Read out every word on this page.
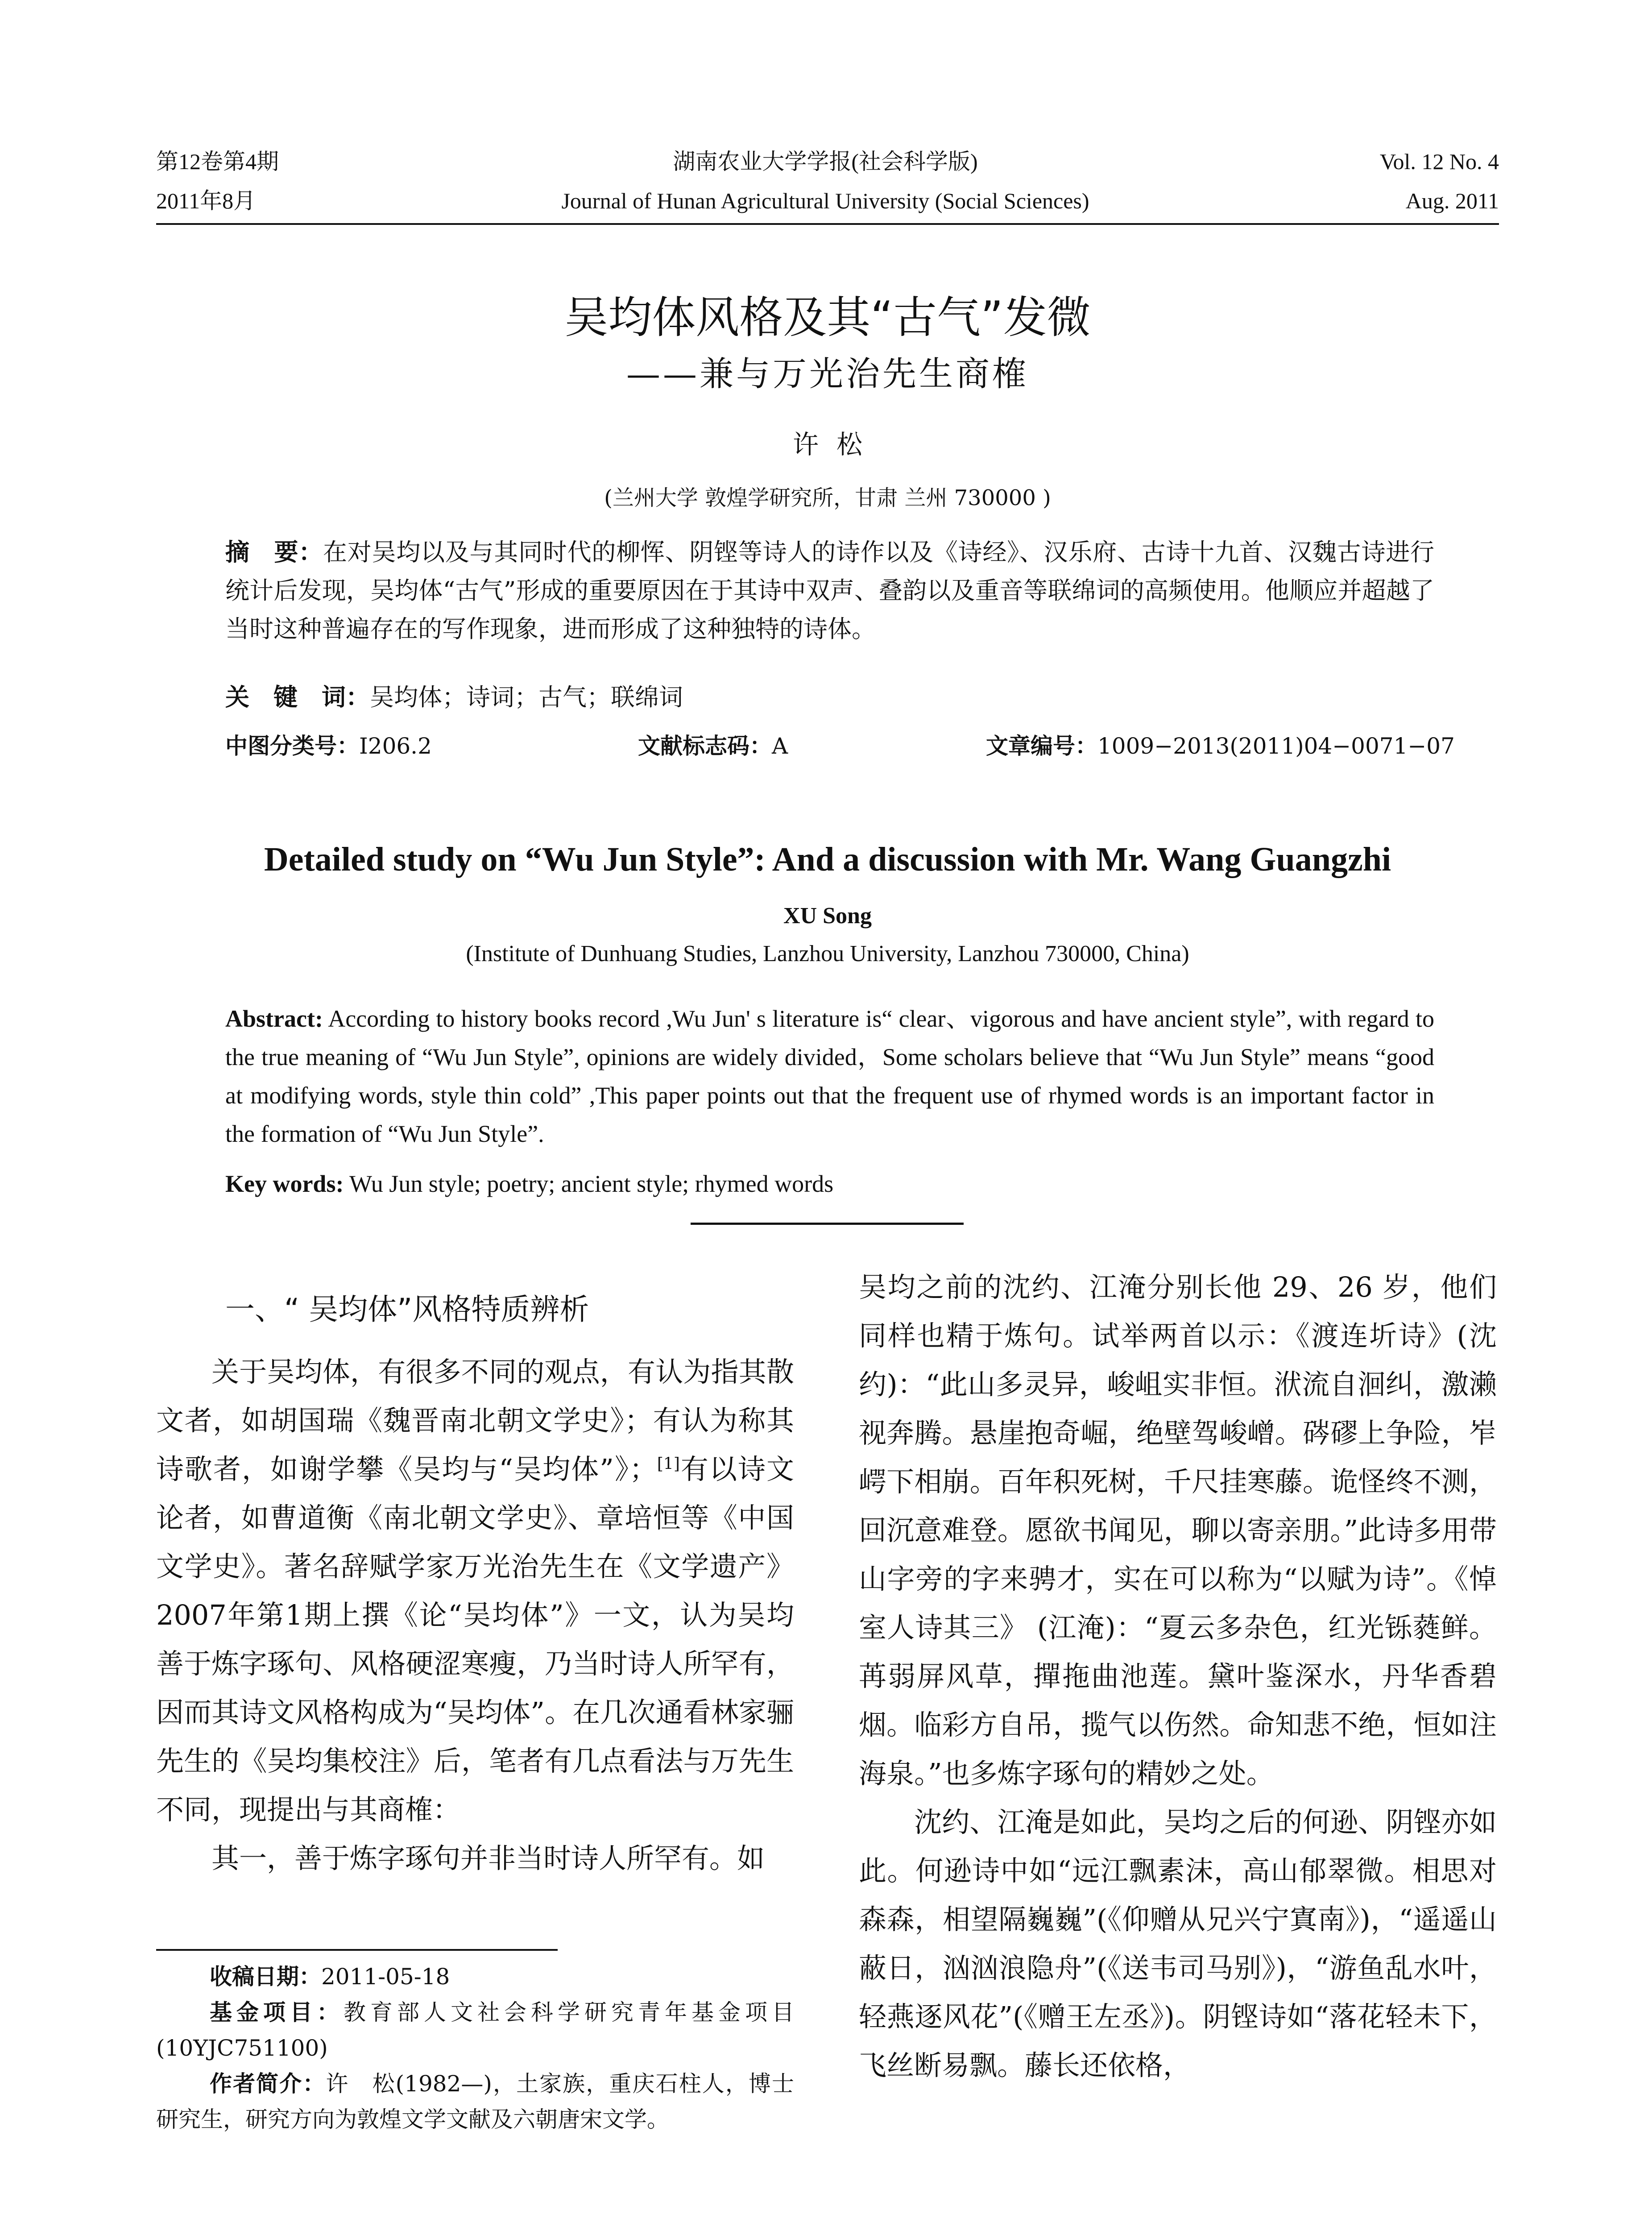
第12卷第4期
2011年8月
湖南农业大学学报(社会科学版)
Journal of Hunan Agricultural University (Social Sciences)
Vol. 12 No. 4
Aug. 2011
吴均体风格及其“古气”发微
——兼与万光治先生商榷
许松
(兰州大学 敦煌学研究所，甘肃 兰州 730000 )
摘　要：在对吴均以及与其同时代的柳恽、阴铿等诗人的诗作以及《诗经》、汉乐府、古诗十九首、汉魏古诗进行统计后发现，吴均体“古气”形成的重要原因在于其诗中双声、叠韵以及重音等联绵词的高频使用。他顺应并超越了当时这种普遍存在的写作现象，进而形成了这种独特的诗体。
关　键　词：吴均体；诗词；古气；联绵词
中图分类号：I206.2	文献标志码：A	文章编号：1009−2013(2011)04−0071−07
Detailed study on “Wu Jun Style”: And a discussion with Mr. Wang Guangzhi
XU Song
(Institute of Dunhuang Studies, Lanzhou University, Lanzhou 730000, China)
Abstract: According to history books record ,Wu Jun' s literature is“ clear、vigorous and have ancient style”, with regard to the true meaning of “Wu Jun Style”, opinions are widely divided，Some scholars believe that “Wu Jun Style” means “good at modifying words, style thin cold” ,This paper points out that the frequent use of rhymed words is an important factor in the formation of “Wu Jun Style”.
Key words: Wu Jun style; poetry; ancient style; rhymed words
一、“ 吴均体”风格特质辨析

关于吴均体，有很多不同的观点，有认为指其散文者，如胡国瑞《魏晋南北朝文学史》；有认为称其诗歌者，如谢学攀《吴均与“吴均体”》；[1]有以诗文论者，如曹道衡《南北朝文学史》、章培恒等《中国文学史》。著名辞赋学家万光治先生在《文学遗产》2007年第1期上撰《论“吴均体”》一文，认为吴均善于炼字琢句、风格硬涩寒瘦，乃当时诗人所罕有，因而其诗文风格构成为“吴均体”。在几次通看林家骊先生的《吴均集校注》后，笔者有几点看法与万先生不同，现提出与其商榷：

其一，善于炼字琢句并非当时诗人所罕有。如

收稿日期：2011-05-18

基金项目：教育部人文社会科学研究青年基金项目(10YJC751100)

作者简介：许　松(1982—)，土家族，重庆石柱人，博士研究生，研究方向为敦煌文学文献及六朝唐宋文学。

吴均之前的沈约、江淹分别长他 29、26 岁，他们同样也精于炼句。试举两首以示：《渡连圻诗》(沈约)：“此山多灵异，峻岨实非恒。洑流自洄纠，激濑视奔腾。悬崖抱奇崛，绝壁驾峻嶒。硶磟上争险，岝崿下相崩。百年积死树，千尺挂寒藤。诡怪终不测，回沉意难登。愿欲书闻见，聊以寄亲朋。”此诗多用带山字旁的字来骋才，实在可以称为“以赋为诗”。《悼室人诗其三》 (江淹)：“夏云多杂色，红光铄蕤鲜。苒弱屏风草，撣拖曲池莲。黛叶鉴深水，丹华香碧烟。临彩方自吊，揽气以伤然。命知悲不绝，恒如注海泉。”也多炼字琢句的精妙之处。

沈约、江淹是如此，吴均之后的何逊、阴铿亦如此。何逊诗中如“远江飘素沫，高山郁翠微。相思对森森，相望隔巍巍”(《仰赠从兄兴宁寘南》)，“遥遥山蔽日，汹汹浪隐舟”(《送韦司马别》)，“游鱼乱水叶，轻燕逐风花”(《赠王左丞》)。阴铿诗如“落花轻未下，飞丝断易飘。藤长还依格，
